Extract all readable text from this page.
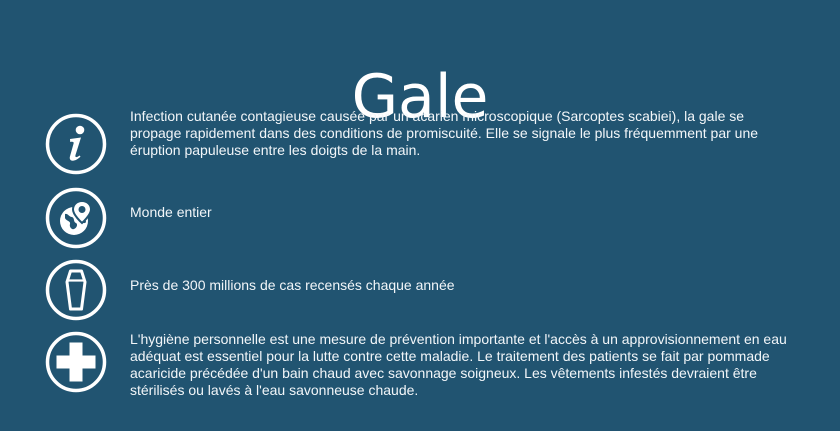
Gale
Infection cutanée contagieuse causée par un acarien microscopique (Sarcoptes scabiei), la gale se propage rapidement dans des conditions de promiscuité. Elle se signale le plus fréquemment par une éruption papuleuse entre les doigts de la main.
Monde entier
Près de 300 millions de cas recensés chaque année
L'hygiène personnelle est une mesure de prévention importante et l'accès à un approvisionnement en eau adéquat est essentiel pour la lutte contre cette maladie. Le traitement des patients se fait par pommade acaricide précédée d'un bain chaud avec savonnage soigneux. Les vêtements infestés devraient être stérilisés ou lavés à l'eau savonneuse chaude.
